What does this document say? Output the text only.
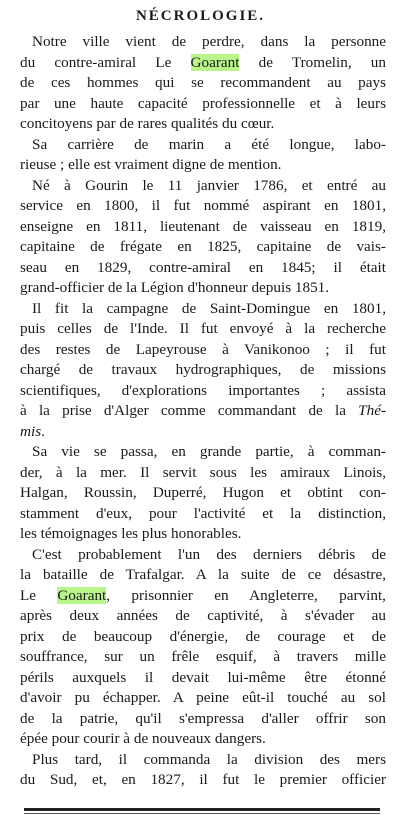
NÉCROLOGIE.
Notre ville vient de perdre, dans la personne
du contre-amiral Le Goarant de Tromelin, un
de ces hommes qui se recommandent au pays
par une haute capacité professionnelle et à leurs
concitoyens par de rares qualités du cœur.
Sa carrière de marin a été longue, labo-
rieuse ; elle est vraiment digne de mention.
Né à Gourin le 11 janvier 1786, et entré au
service en 1800, il fut nommé aspirant en 1801,
enseigne en 1811, lieutenant de vaisseau en 1819,
capitaine de frégate en 1825, capitaine de vais-
seau en 1829, contre-amiral en 1845; il était
grand-officier de la Légion d'honneur depuis 1851.
Il fit la campagne de Saint-Domingue en 1801,
puis celles de l'Inde. Il fut envoyé à la recherche
des restes de Lapeyrouse à Vanikonoo ; il fut
chargé de travaux hydrographiques, de missions
scientifiques, d'explorations importantes ; assista
à la prise d'Alger comme commandant de la Thé-
mis.
Sa vie se passa, en grande partie, à comman-
der, à la mer. Il servit sous les amiraux Linois,
Halgan, Roussin, Duperré, Hugon et obtint con-
stamment d'eux, pour l'activité et la distinction,
les témoignages les plus honorables.
C'est probablement l'un des derniers débris de
la bataille de Trafalgar. A la suite de ce désastre,
Le Goarant, prisonnier en Angleterre, parvint,
après deux années de captivité, à s'évader au
prix de beaucoup d'énergie, de courage et de
souffrance, sur un frêle esquif, à travers mille
périls auxquels il devait lui-même être étonné
d'avoir pu échapper. A peine eût-il touché au sol
de la patrie, qu'il s'empressa d'aller offrir son
épée pour courir à de nouveaux dangers.
Plus tard, il commanda la division des mers
du Sud, et, en 1827, il fut le premier officier
